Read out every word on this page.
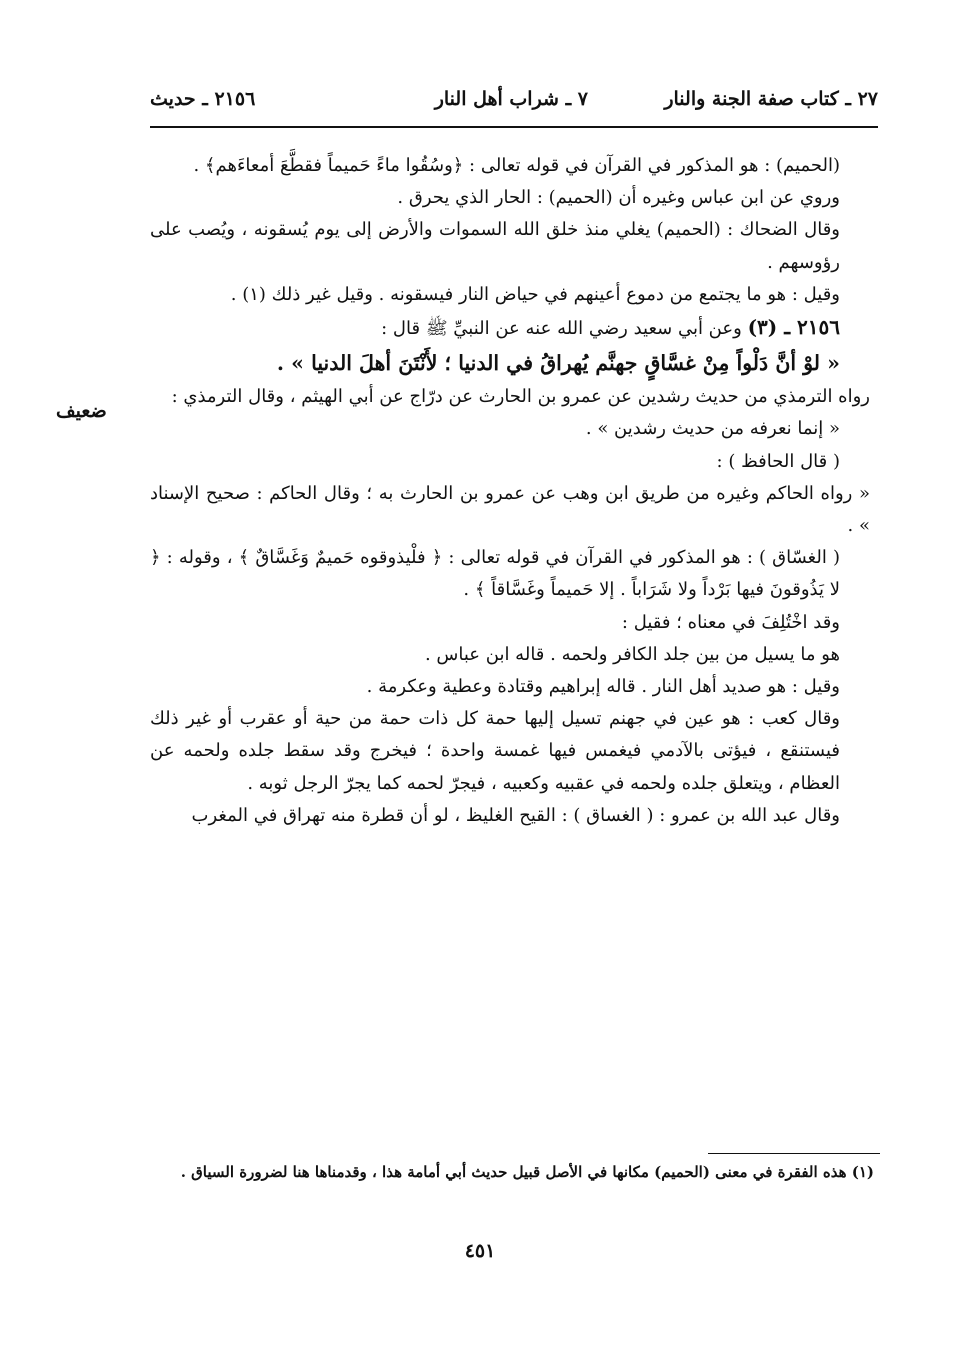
٢٧ ـ كتاب صفة الجنة والنار
٧ ـ شراب أهل النار
٢١٥٦ ـ حديث
ضعيف

(الحميم) : هو المذكور في القرآن في قوله تعالى : ﴿وسُقُوا ماءً حَميماً فقطَّعَ أمعاءَهم﴾ .

وروي عن ابن عباس وغيره أن (الحميم) : الحار الذي يحرق .

وقال الضحاك : (الحميم) يغلي منذ خلق الله السموات والأرض إلى يوم يُسقونه ، ويُصب على رؤوسهم .

وقيل : هو ما يجتمع من دموع أعينهم في حياض النار فيسقونه . وقيل غير ذلك (١) .

٢١٥٦ ـ (٣) وعن أبي سعيد رضي الله عنه عن النبيِّ ﷺ قال :

« لوْ أنَّ دَلْواً مِنْ غسَّاقٍ جهنَّم يُهراقُ في الدنيا ؛ لأَنْتَنَ أهلَ الدنيا » .

رواه الترمذي من حديث رشدين عن عمرو بن الحارث عن درّاج عن أبي الهيثم ، وقال الترمذي :

« إنما نعرفه من حديث رشدين » .

( قال الحافظ ) :

« رواه الحاكم وغيره من طريق ابن وهب عن عمرو بن الحارث به ؛ وقال الحاكم : صحيح الإسناد » .

( الغسّاق ) : هو المذكور في القرآن في قوله تعالى : ﴿ فلْيذوقوه حَميمٌ وَغَسَّاقٌ ﴾ ، وقوله : ﴿ لا يَذُوقونَ فيها بَرْداً ولا شَرَاباً . إلا حَميماً وغَسَّاقاً ﴾ .

وقد اخْتُلِفَ في معناه ؛ فقيل :

هو ما يسيل من بين جلد الكافر ولحمه . قاله ابن عباس .

وقيل : هو صديد أهل النار . قاله إبراهيم وقتادة وعطية وعكرمة .

وقال كعب : هو عين في جهنم تسيل إليها حمة كل ذات حمة من حية أو عقرب أو غير ذلك فيستنقع ، فيؤتى بالآدمي فيغمس فيها غمسة واحدة ؛ فيخرج وقد سقط جلده ولحمه عن العظام ، ويتعلق جلده ولحمه في عقبيه وكعبيه ، فيجرّ لحمه كما يجرّ الرجل ثوبه .

وقال عبد الله بن عمرو : ( الغساق ) : القيح الغليظ ، لو أن قطرة منه تهراق في المغرب

(١) هذه الفقرة في معنى (الحميم) مكانها في الأصل قبيل حديث أبي أمامة هذا ، وقدمناها هنا لضرورة السياق .

٤٥١
